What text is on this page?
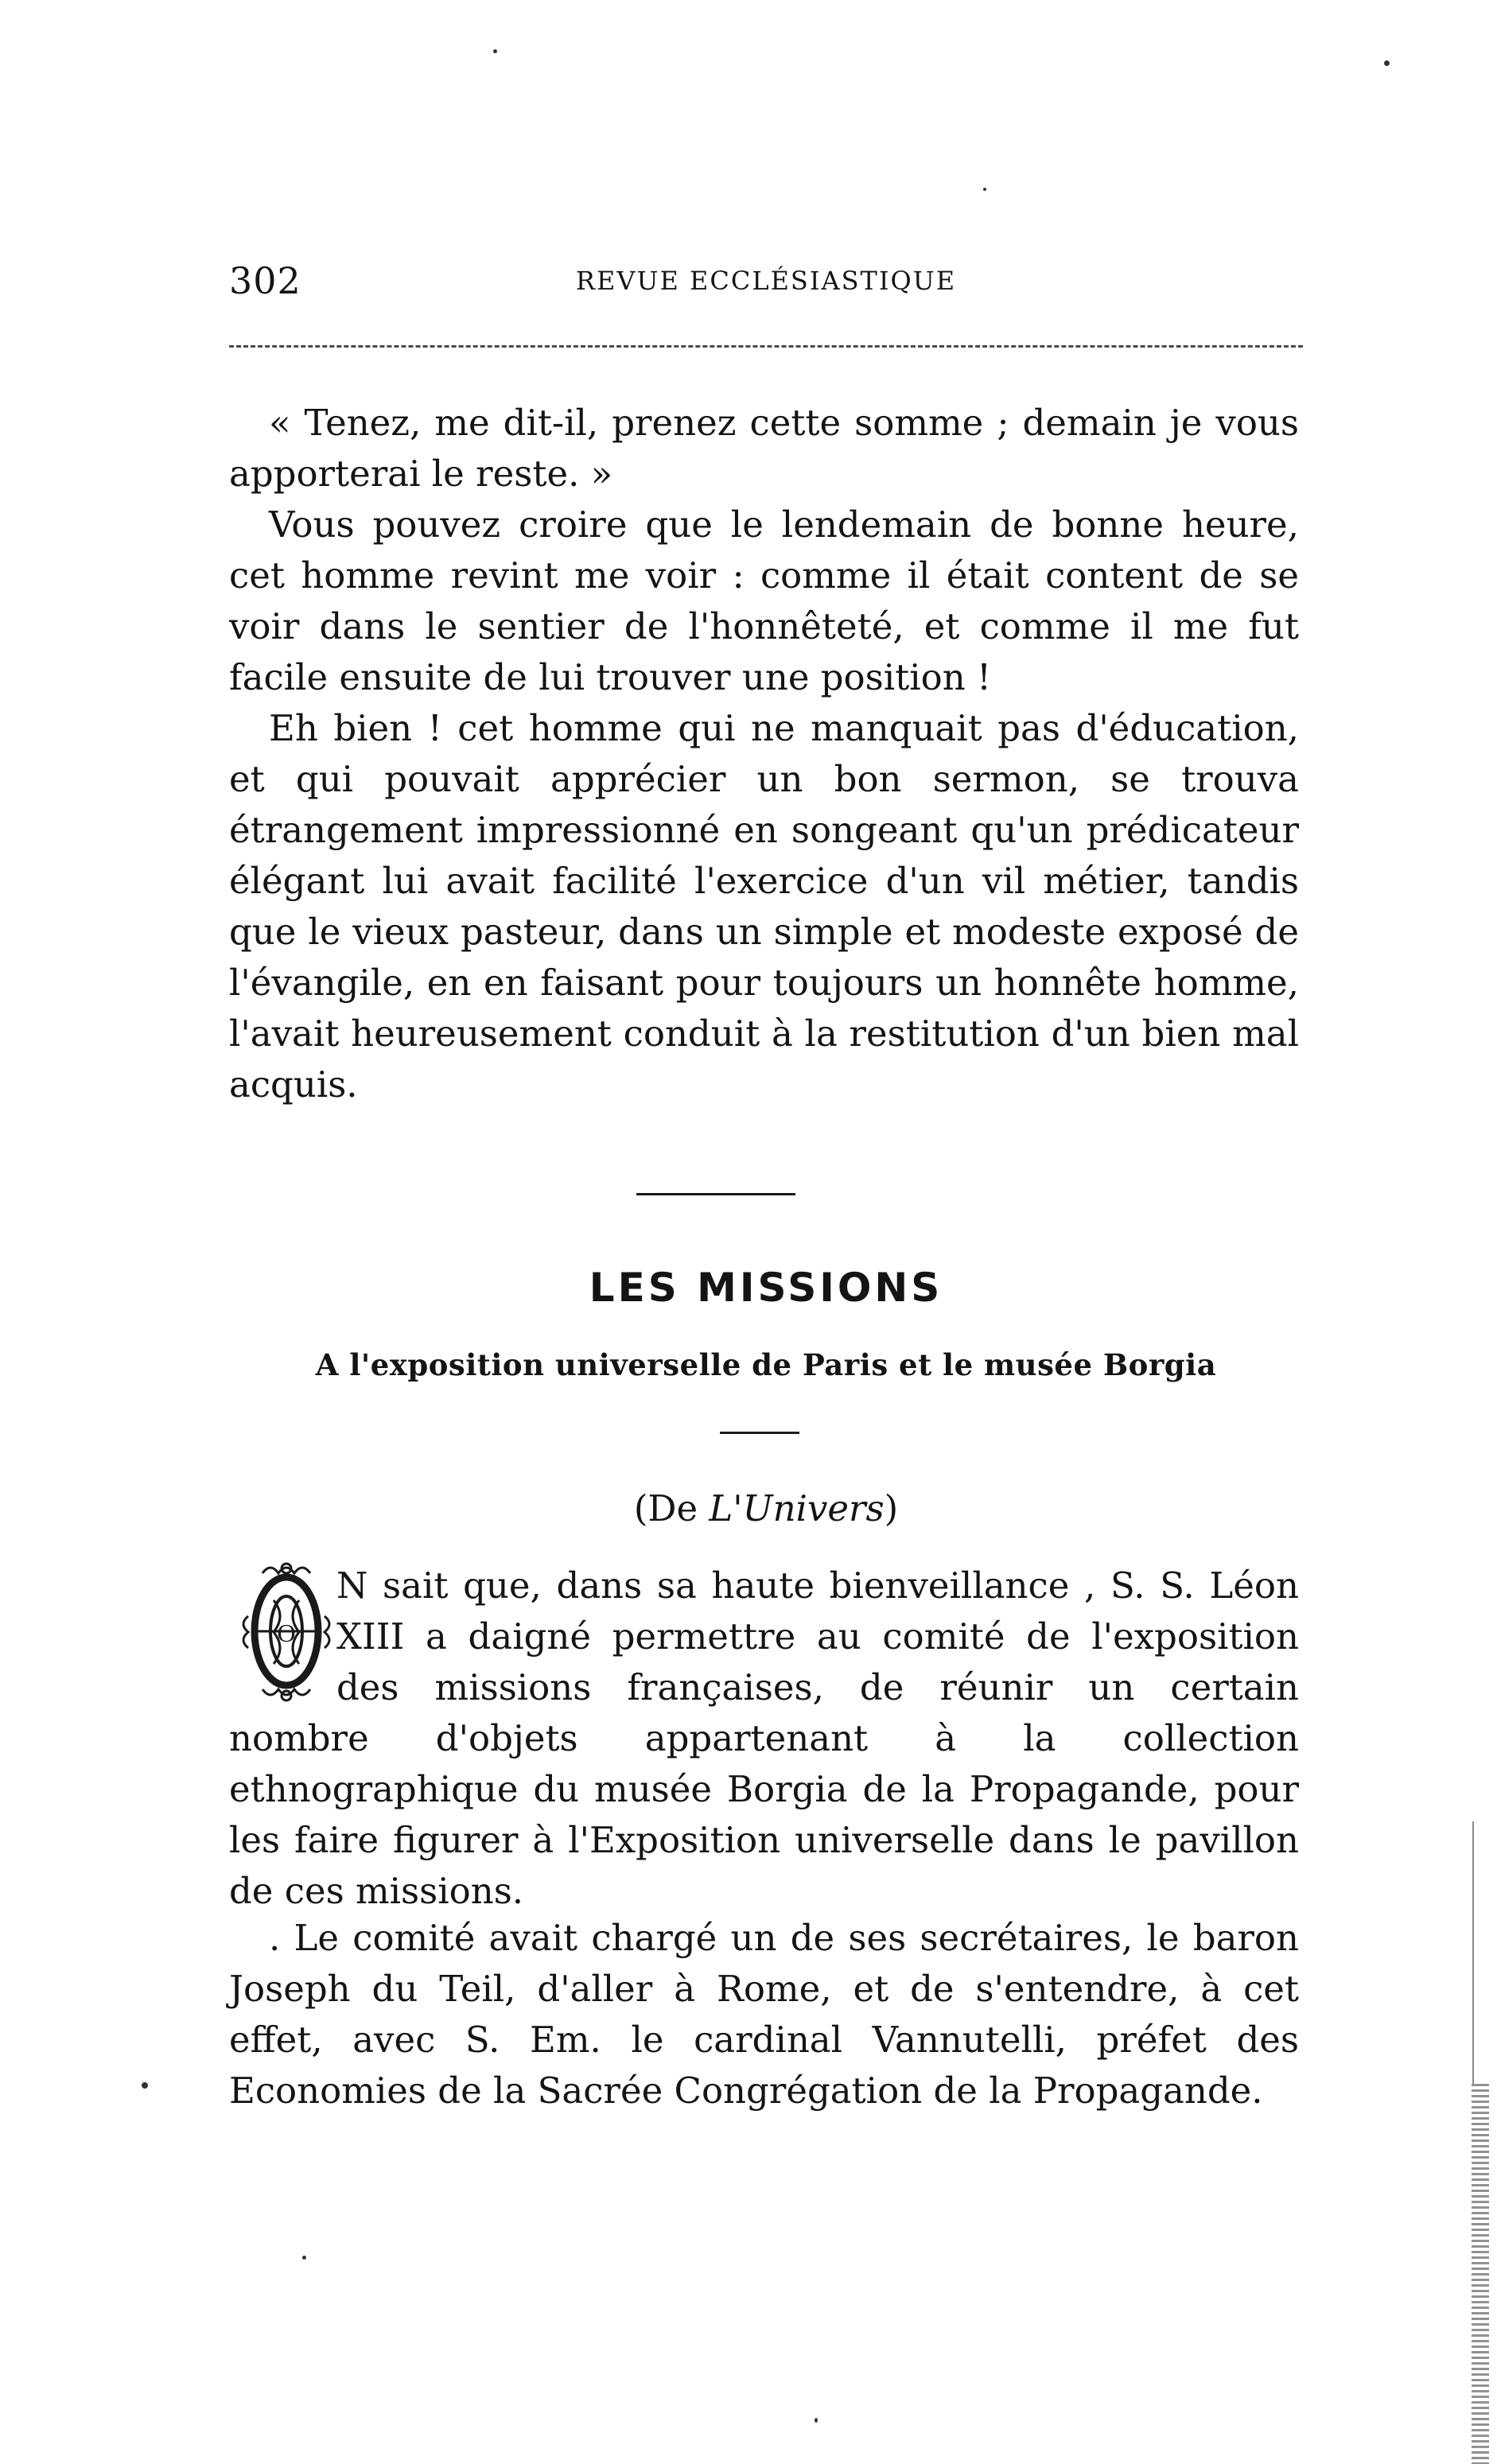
302	REVUE ECCLÉSIASTIQUE

« Tenez, me dit-il, prenez cette somme ; demain je vous apporterai le reste. »

Vous pouvez croire que le lendemain de bonne heure, cet homme revint me voir : comme il était content de se voir dans le sentier de l'honnêteté, et comme il me fut facile ensuite de lui trouver une position !

Eh bien ! cet homme qui ne manquait pas d'éducation, et qui pouvait apprécier un bon sermon, se trouva étrangement impressionné en songeant qu'un prédicateur élégant lui avait facilité l'exercice d'un vil métier, tandis que le vieux pasteur, dans un simple et modeste exposé de l'évangile, en en faisant pour toujours un honnête homme, l'avait heureusement conduit à la restitution d'un bien mal acquis.

LES MISSIONS
A l'exposition universelle de Paris et le musée Borgia
(De L'Univers)
O
N sait que, dans sa haute bienveillance , S. S. Léon XIII a daigné permettre au comité de l'exposition des missions françaises, de réunir un certain nombre d'objets appartenant à la collection ethnographique du musée Borgia de la Propagande, pour les faire figurer à l'Exposition universelle dans le pavillon de ces missions.

. Le comité avait chargé un de ses secrétaires, le baron Joseph du Teil, d'aller à Rome, et de s'entendre, à cet effet, avec S. Em. le cardinal Vannutelli, préfet des Economies de la Sacrée Congrégation de la Propagande.
